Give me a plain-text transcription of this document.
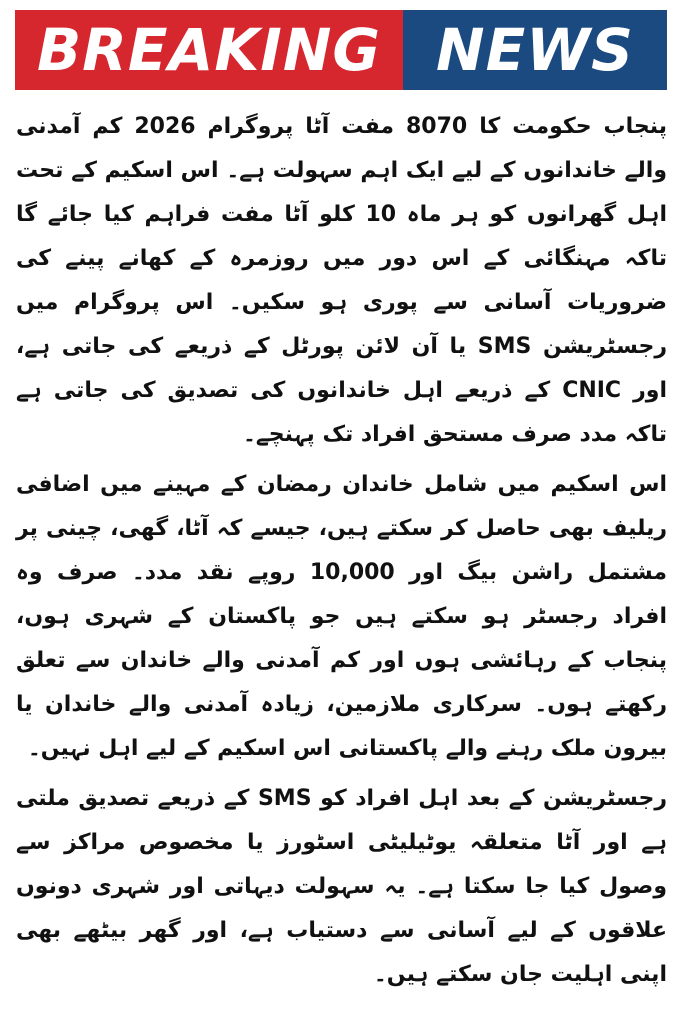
BREAKING NEWS

پنجاب حکومت کا 8070 مفت آٹا پروگرام 2026 کم آمدنی والے خاندانوں کے لیے ایک اہم سہولت ہے۔ اس اسکیم کے تحت اہل گھرانوں کو ہر ماہ 10 کلو آٹا مفت فراہم کیا جائے گا تاکہ مہنگائی کے اس دور میں روزمرہ کے کھانے پینے کی ضروریات آسانی سے پوری ہو سکیں۔ اس پروگرام میں رجسٹریشن SMS یا آن لائن پورٹل کے ذریعے کی جاتی ہے، اور CNIC کے ذریعے اہل خاندانوں کی تصدیق کی جاتی ہے تاکہ مدد صرف مستحق افراد تک پہنچے۔

اس اسکیم میں شامل خاندان رمضان کے مہینے میں اضافی ریلیف بھی حاصل کر سکتے ہیں، جیسے کہ آٹا، گھی، چینی پر مشتمل راشن بیگ اور 10,000 روپے نقد مدد۔ صرف وہ افراد رجسٹر ہو سکتے ہیں جو پاکستان کے شہری ہوں، پنجاب کے رہائشی ہوں اور کم آمدنی والے خاندان سے تعلق رکھتے ہوں۔ سرکاری ملازمین، زیادہ آمدنی والے خاندان یا بیرون ملک رہنے والے پاکستانی اس اسکیم کے لیے اہل نہیں۔

رجسٹریشن کے بعد اہل افراد کو SMS کے ذریعے تصدیق ملتی ہے اور آٹا متعلقہ یوٹیلیٹی اسٹورز یا مخصوص مراکز سے وصول کیا جا سکتا ہے۔ یہ سہولت دیہاتی اور شہری دونوں علاقوں کے لیے آسانی سے دستیاب ہے، اور گھر بیٹھے بھی اپنی اہلیت جان سکتے ہیں۔
